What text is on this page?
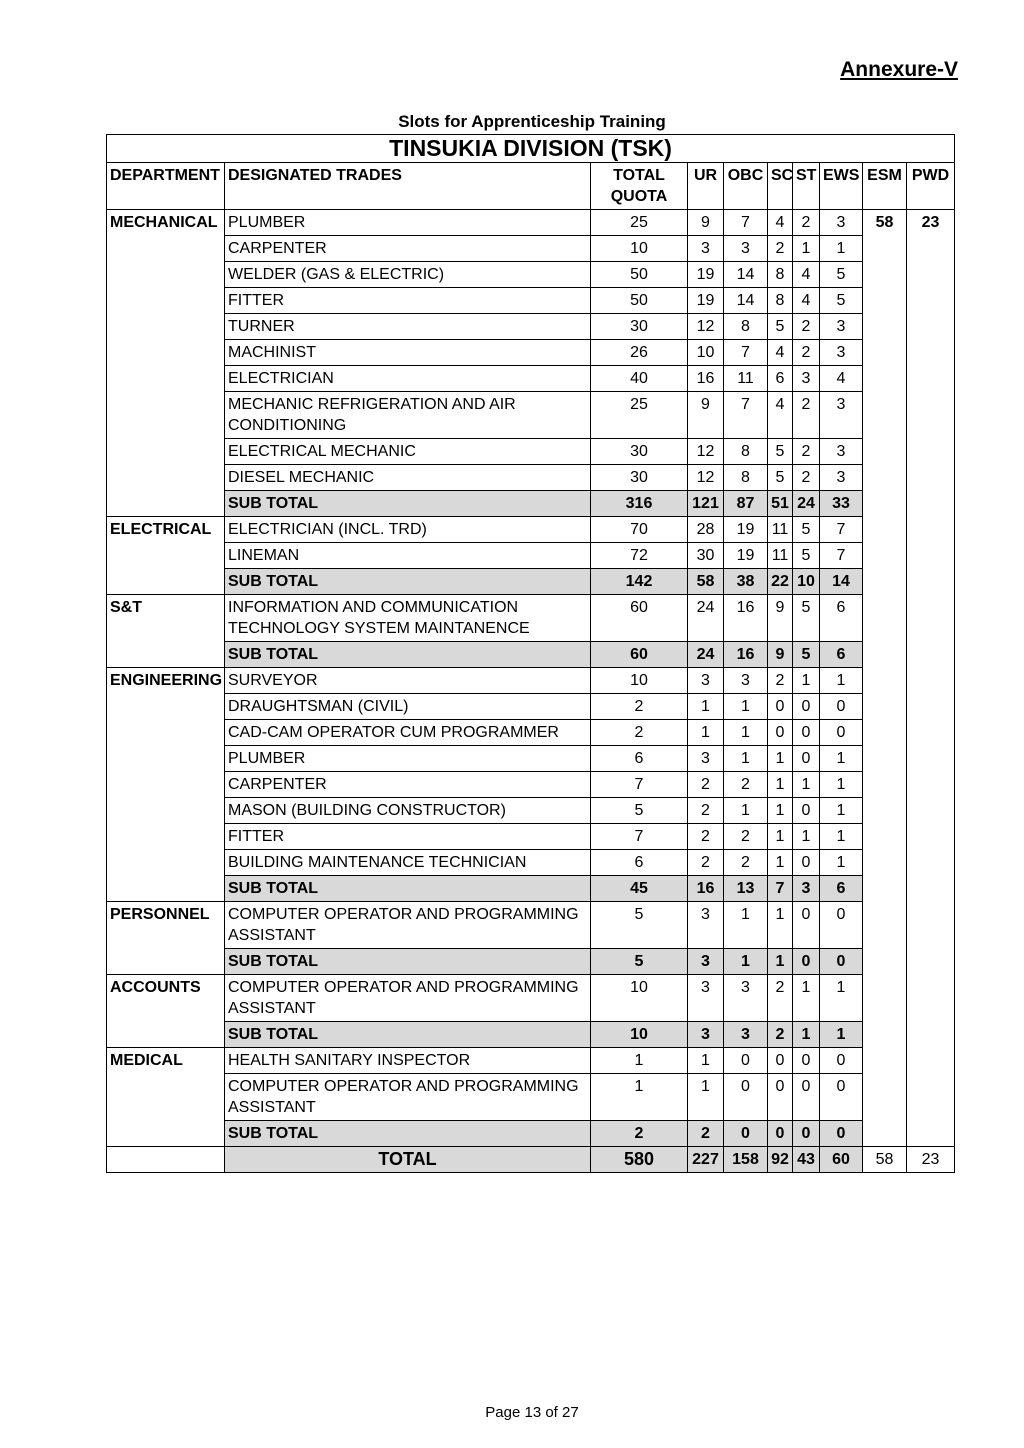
Annexure-V
Slots for Apprenticeship Training
TINSUKIA DIVISION (TSK)									
DEPARTMENT	DESIGNATED TRADES	TOTAL QUOTA	UR	OBC	SC	ST	EWS	ESM	PWD
MECHANICAL	PLUMBER	25	9	7	4	2	3	58	23
	CARPENTER	10	3	3	2	1	1		
	WELDER (GAS & ELECTRIC)	50	19	14	8	4	5		
	FITTER	50	19	14	8	4	5		
	TURNER	30	12	8	5	2	3		
	MACHINIST	26	10	7	4	2	3		
	ELECTRICIAN	40	16	11	6	3	4		
	MECHANIC REFRIGERATION AND AIR CONDITIONING	25	9	7	4	2	3		
	ELECTRICAL MECHANIC	30	12	8	5	2	3		
	DIESEL MECHANIC	30	12	8	5	2	3		
	SUB TOTAL	316	121	87	51	24	33		
ELECTRICAL	ELECTRICIAN (INCL. TRD)	70	28	19	11	5	7		
	LINEMAN	72	30	19	11	5	7		
	SUB TOTAL	142	58	38	22	10	14		
S&T	INFORMATION AND COMMUNICATION TECHNOLOGY SYSTEM MAINTANENCE	60	24	16	9	5	6		
	SUB TOTAL	60	24	16	9	5	6		
ENGINEERING	SURVEYOR	10	3	3	2	1	1		
	DRAUGHTSMAN (CIVIL)	2	1	1	0	0	0		
	CAD-CAM OPERATOR CUM PROGRAMMER	2	1	1	0	0	0		
	PLUMBER	6	3	1	1	0	1		
	CARPENTER	7	2	2	1	1	1		
	MASON (BUILDING CONSTRUCTOR)	5	2	1	1	0	1		
	FITTER	7	2	2	1	1	1		
	BUILDING MAINTENANCE TECHNICIAN	6	2	2	1	0	1		
	SUB TOTAL	45	16	13	7	3	6		
PERSONNEL	COMPUTER OPERATOR AND PROGRAMMING ASSISTANT	5	3	1	1	0	0		
	SUB TOTAL	5	3	1	1	0	0		
ACCOUNTS	COMPUTER OPERATOR AND PROGRAMMING ASSISTANT	10	3	3	2	1	1		
	SUB TOTAL	10	3	3	2	1	1		
MEDICAL	HEALTH SANITARY INSPECTOR	1	1	0	0	0	0		
	COMPUTER OPERATOR AND PROGRAMMING ASSISTANT	1	1	0	0	0	0		
	SUB TOTAL	2	2	0	0	0	0		
	TOTAL	580	227	158	92	43	60	58	23
Page 13 of 27
